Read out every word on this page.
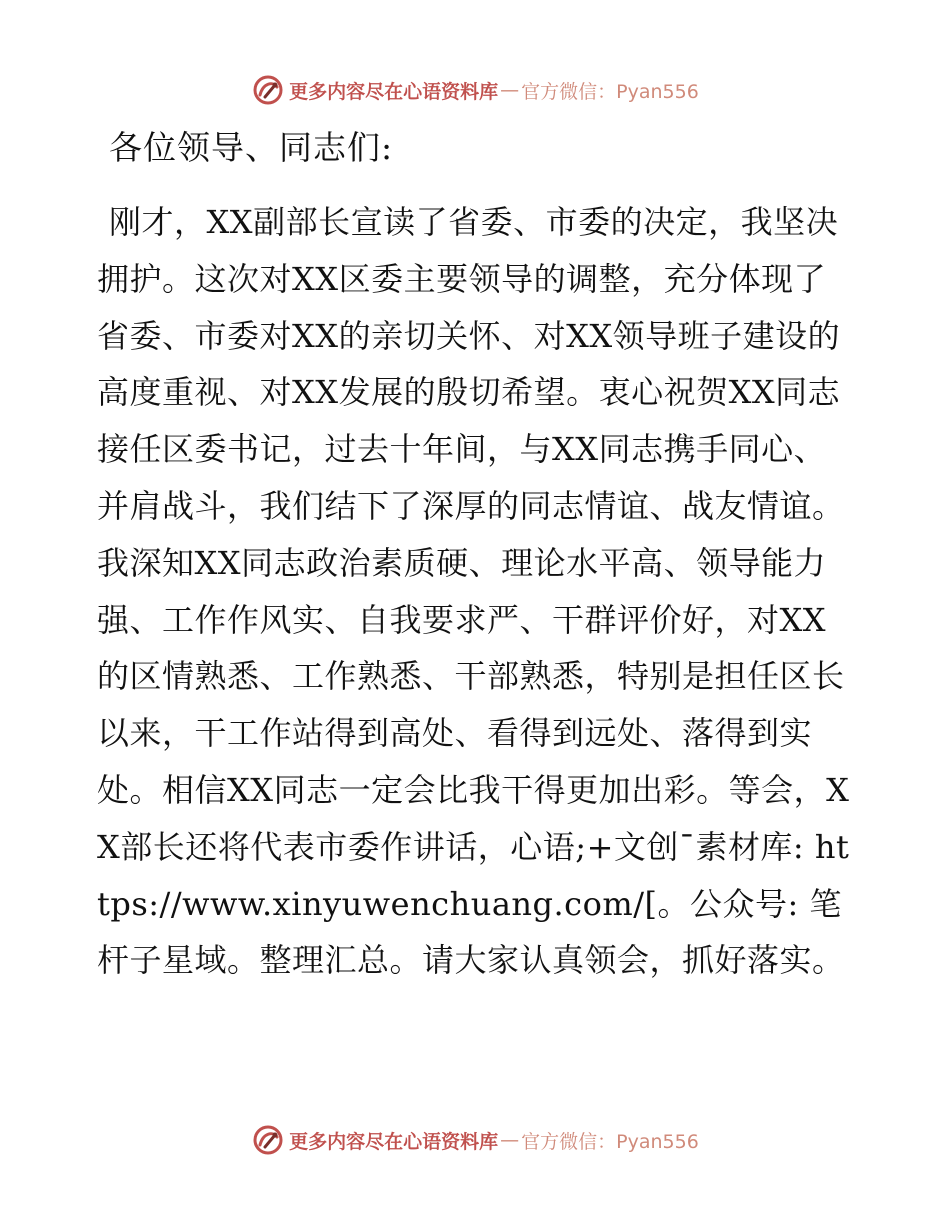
更多内容尽在心语资料库 — 官方微信：Pyan556

各位领导、同志们:

刚才，XX副部长宣读了省委、市委的决定，我坚决拥护。这次对XX区委主要领导的调整，充分体现了省委、市委对XX的亲切关怀、对XX领导班子建设的高度重视、对XX发展的殷切希望。衷心祝贺XX同志接任区委书记，过去十年间，与XX同志携手同心、并肩战斗，我们结下了深厚的同志情谊、战友情谊。我深知XX同志政治素质硬、理论水平高、领导能力强、工作作风实、自我要求严、干群评价好，对XX的区情熟悉、工作熟悉、干部熟悉，特别是担任区长以来，干工作站得到高处、看得到远处、落得到实处。相信XX同志一定会比我干得更加出彩。等会，XX部长还将代表市委作讲话，心语;+文创¯素材库: https://www.xinyuwenchuang.com/[。公众号: 笔杆子星域。整理汇总。请大家认真领会，抓好落实。

更多内容尽在心语资料库 — 官方微信：Pyan556
